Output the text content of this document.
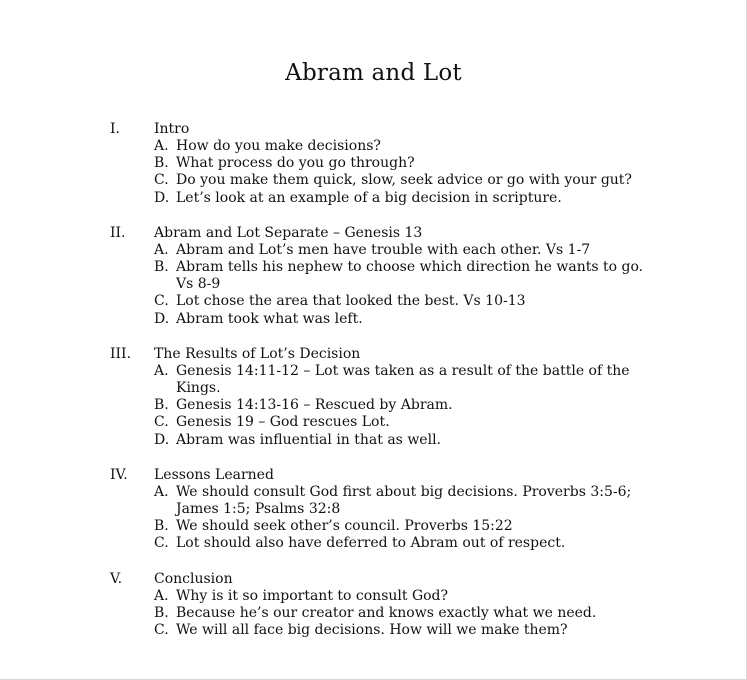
Abram and Lot
I. Intro
A. How do you make decisions?
B. What process do you go through?
C. Do you make them quick, slow, seek advice or go with your gut?
D. Let’s look at an example of a big decision in scripture.
II. Abram and Lot Separate – Genesis 13
A. Abram and Lot’s men have trouble with each other. Vs 1-7
B. Abram tells his nephew to choose which direction he wants to go. Vs 8-9
C. Lot chose the area that looked the best. Vs 10-13
D. Abram took what was left.
III. The Results of Lot’s Decision
A. Genesis 14:11-12 – Lot was taken as a result of the battle of the Kings.
B. Genesis 14:13-16 – Rescued by Abram.
C. Genesis 19 – God rescues Lot.
D. Abram was influential in that as well.
IV. Lessons Learned
A. We should consult God first about big decisions. Proverbs 3:5-6; James 1:5; Psalms 32:8
B. We should seek other’s council. Proverbs 15:22
C. Lot should also have deferred to Abram out of respect.
V. Conclusion
A. Why is it so important to consult God?
B. Because he’s our creator and knows exactly what we need.
C. We will all face big decisions. How will we make them?
